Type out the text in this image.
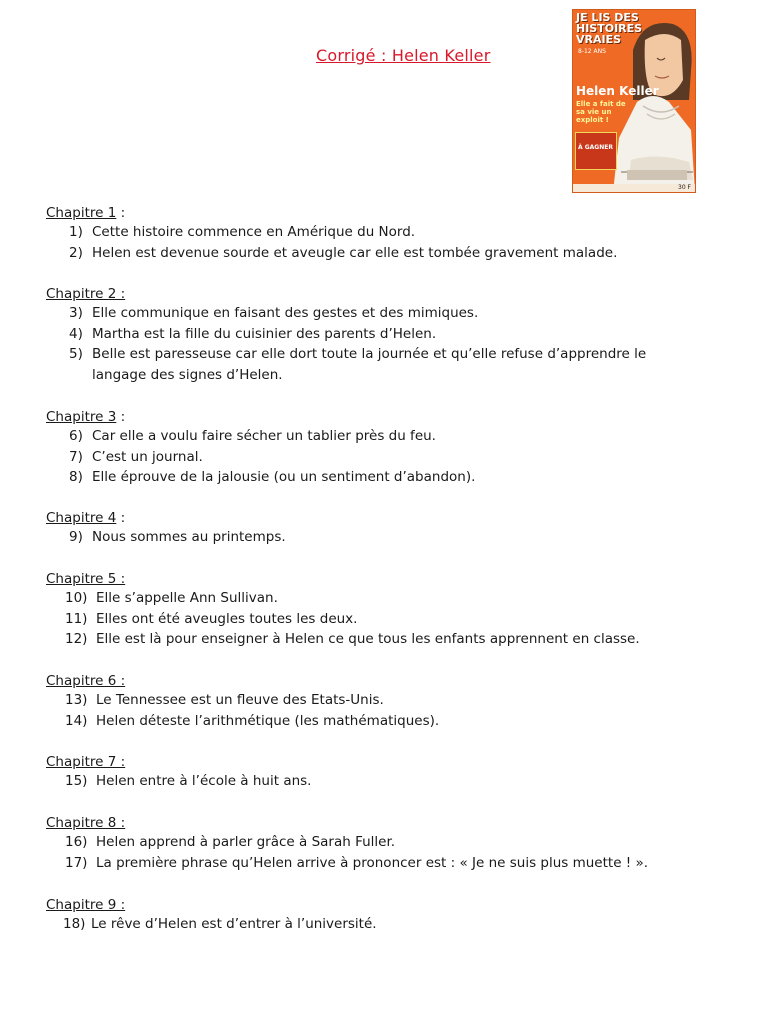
Corrigé : Helen Keller
JE LIS DES HISTOIRES VRAIES
8-12 ANS
Helen Keller
Elle a fait de sa vie un exploit !
À GAGNER
30 F
Chapitre 1 :
1) Cette histoire commence en Amérique du Nord.
2) Helen est devenue sourde et aveugle car elle est tombée gravement malade.
Chapitre 2 :
3) Elle communique en faisant des gestes et des mimiques.
4) Martha est la fille du cuisinier des parents d’Helen.
5) Belle est paresseuse car elle dort toute la journée et qu’elle refuse d’apprendre le langage des signes d’Helen.
Chapitre 3 :
6) Car elle a voulu faire sécher un tablier près du feu.
7) C’est un journal.
8) Elle éprouve de la jalousie (ou un sentiment d’abandon).
Chapitre 4 :
9) Nous sommes au printemps.
Chapitre 5 :
10) Elle s’appelle Ann Sullivan.
11) Elles ont été aveugles toutes les deux.
12) Elle est là pour enseigner à Helen ce que tous les enfants apprennent en classe.
Chapitre 6 :
13) Le Tennessee est un fleuve des Etats-Unis.
14) Helen déteste l’arithmétique (les mathématiques).
Chapitre 7 :
15) Helen entre à l’école à huit ans.
Chapitre 8 :
16) Helen apprend à parler grâce à Sarah Fuller.
17) La première phrase qu’Helen arrive à prononcer est : « Je ne suis plus muette ! ».
Chapitre 9 :
18) Le rêve d’Helen est d’entrer à l’université.
